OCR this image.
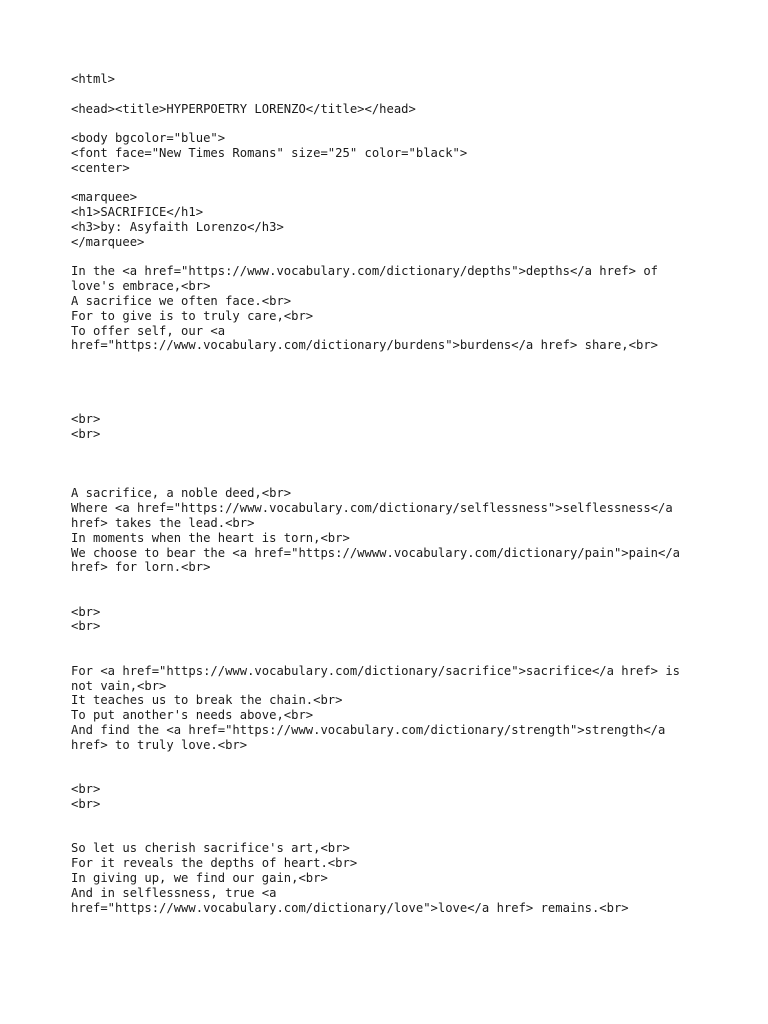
<html>
<head><title>HYPERPOETRY LORENZO</title></head>
<body bgcolor="blue">
<font face="New Times Romans" size="25" color="black">
<center>
<marquee>
<h1>SACRIFICE</h1>
<h3>by: Asyfaith Lorenzo</h3>
</marquee>
In the <a href="https://www.vocabulary.com/dictionary/depths">depths</a href> of
love's embrace,<br>
A sacrifice we often face.<br>
For to give is to truly care,<br>
To offer self, our <a
href="https://www.vocabulary.com/dictionary/burdens">burdens</a href> share,<br>
<br>
<br>
A sacrifice, a noble deed,<br>
Where <a href="https://www.vocabulary.com/dictionary/selflessness">selflessness</a
href> takes the lead.<br>
In moments when the heart is torn,<br>
We choose to bear the <a href="https://wwww.vocabulary.com/dictionary/pain">pain</a
href> for lorn.<br>
<br>
<br>
For <a href="https://www.vocabulary.com/dictionary/sacrifice">sacrifice</a href> is
not vain,<br>
It teaches us to break the chain.<br>
To put another's needs above,<br>
And find the <a href="https://www.vocabulary.com/dictionary/strength">strength</a
href> to truly love.<br>
<br>
<br>
So let us cherish sacrifice's art,<br>
For it reveals the depths of heart.<br>
In giving up, we find our gain,<br>
And in selflessness, true <a
href="https://www.vocabulary.com/dictionary/love">love</a href> remains.<br>
